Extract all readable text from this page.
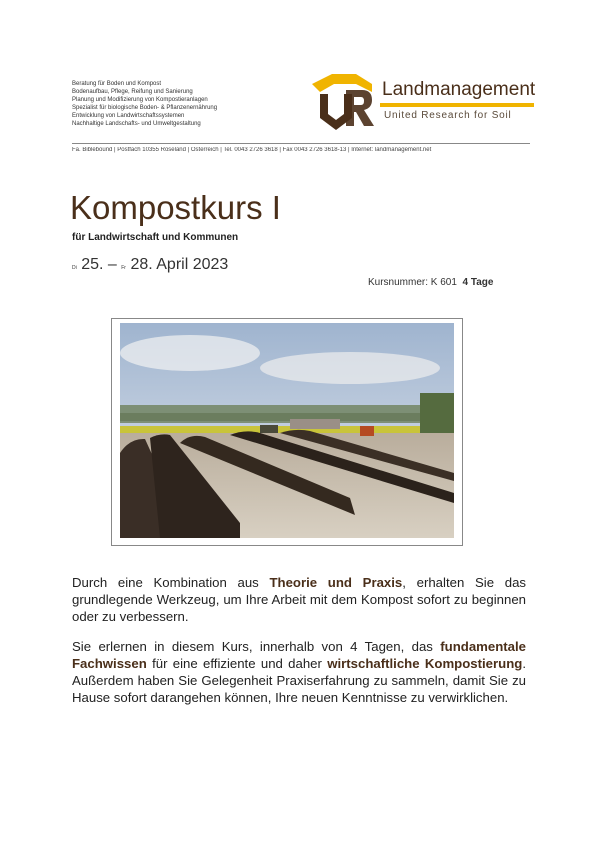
Beratung für Boden und Kompost
Bodenaufbau, Pflege, Reifung und Sanierung
Planung und Modifizierung von Kompostieranlagen
Spezialist für biologische Boden- & Pflanzenernährung
Entwicklung von Landwirtschaftssystemen
Nachhaltige Landschafts- und Umweltgestaltung
Landmanagement
United Research for Soil
Fa. Biblebound | Postfach 10355 Roseland | Österreich | Tel. 0043 2726 3618 | Fax 0043 2726 3618-13 | Internet: landmanagement.net
Kompostkurs I
für Landwirtschaft und Kommunen
Di 25. – Fr 28. April 2023
Kursnummer: K 601 4 Tage
Durch eine Kombination aus Theorie und Praxis, erhalten Sie das grundlegende Werkzeug, um Ihre Arbeit mit dem Kompost sofort zu beginnen oder zu verbessern.
Sie erlernen in diesem Kurs, innerhalb von 4 Tagen, das fundamentale Fachwissen für eine effiziente und daher wirtschaftliche Kompostierung. Außerdem haben Sie Gelegenheit Praxiserfahrung zu sammeln, damit Sie zu Hause sofort darangehen können, Ihre neuen Kenntnisse zu verwirklichen.
